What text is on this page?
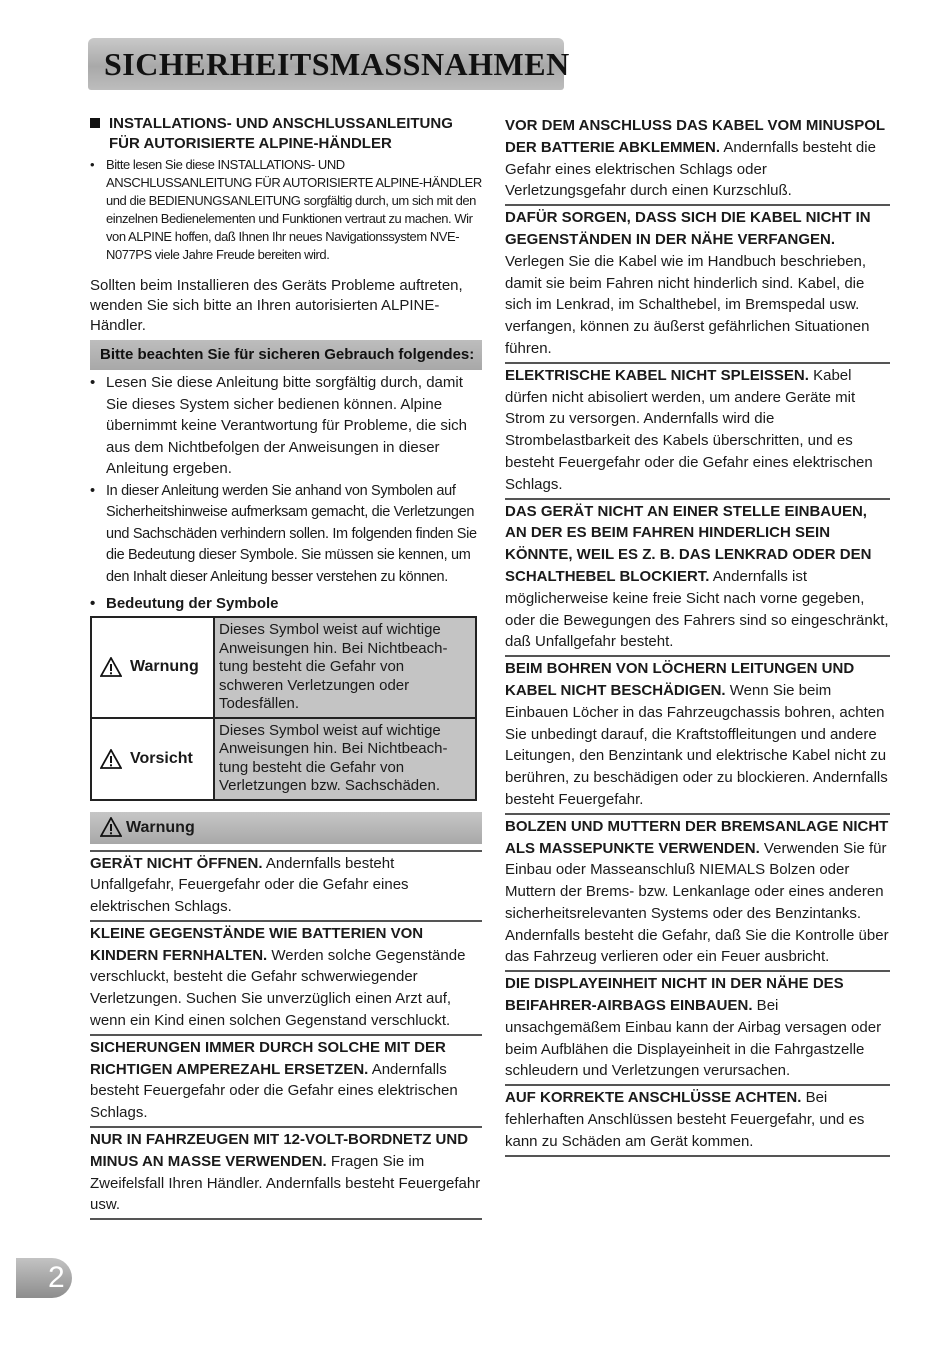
SICHERHEITSMASSNAHMEN
INSTALLATIONS- UND ANSCHLUSSANLEITUNG
FÜR AUTORISIERTE ALPINE-HÄNDLER
• Bitte lesen Sie diese INSTALLATIONS- UND ANSCHLUSSANLEITUNG FÜR AUTORISIERTE ALPINE-HÄNDLER und die BEDIENUNGSANLEITUNG sorgfältig durch, um sich mit den einzelnen Bedienelementen und Funktionen vertraut zu machen. Wir von ALPINE hoffen, daß Ihnen Ihr neues Navigationssystem NVE-N077PS viele Jahre Freude bereiten wird.
Sollten beim Installieren des Geräts Probleme auftreten, wenden Sie sich bitte an Ihren autorisierten ALPINE-Händler.
Bitte beachten Sie für sicheren Gebrauch folgendes:
• Lesen Sie diese Anleitung bitte sorgfältig durch, damit Sie dieses System sicher bedienen können. Alpine übernimmt keine Verantwortung für Probleme, die sich aus dem Nichtbefolgen der Anweisungen in dieser Anleitung ergeben.
• In dieser Anleitung werden Sie anhand von Symbolen auf Sicherheitshinweise aufmerksam gemacht, die Verletzungen und Sachschäden verhindern sollen. Im folgenden finden Sie die Bedeutung dieser Symbole. Sie müssen sie kennen, um den Inhalt dieser Anleitung besser verstehen zu können.
• Bedeutung der Symbole
Warnung	Dieses Symbol weist auf wichtige Anweisungen hin. Bei Nichtbeach-tung besteht die Gefahr von schweren Verletzungen oder Todesfällen.
Vorsicht	Dieses Symbol weist auf wichtige Anweisungen hin. Bei Nichtbeach-tung besteht die Gefahr von Verletzungen bzw. Sachschäden.
Warnung
GERÄT NICHT ÖFFNEN. Andernfalls besteht Unfallgefahr, Feuergefahr oder die Gefahr eines elektrischen Schlags.
KLEINE GEGENSTÄNDE WIE BATTERIEN VON KINDERN FERNHALTEN. Werden solche Gegenstände verschluckt, besteht die Gefahr schwerwiegender Verletzungen. Suchen Sie unverzüglich einen Arzt auf, wenn ein Kind einen solchen Gegenstand verschluckt.
SICHERUNGEN IMMER DURCH SOLCHE MIT DER RICHTIGEN AMPEREZAHL ERSETZEN. Andernfalls besteht Feuergefahr oder die Gefahr eines elektrischen Schlags.
NUR IN FAHRZEUGEN MIT 12-VOLT-BORDNETZ UND MINUS AN MASSE VERWENDEN. Fragen Sie im Zweifelsfall Ihren Händler. Andernfalls besteht Feuergefahr usw.
VOR DEM ANSCHLUSS DAS KABEL VOM MINUSPOL DER BATTERIE ABKLEMMEN. Andernfalls besteht die Gefahr eines elektrischen Schlags oder Verletzungsgefahr durch einen Kurzschluß.
DAFÜR SORGEN, DASS SICH DIE KABEL NICHT IN GEGENSTÄNDEN IN DER NÄHE VERFANGEN. Verlegen Sie die Kabel wie im Handbuch beschrieben, damit sie beim Fahren nicht hinderlich sind. Kabel, die sich im Lenkrad, im Schalthebel, im Bremspedal usw. verfangen, können zu äußerst gefährlichen Situationen führen.
ELEKTRISCHE KABEL NICHT SPLEISSEN. Kabel dürfen nicht abisoliert werden, um andere Geräte mit Strom zu versorgen. Andernfalls wird die Strombelastbarkeit des Kabels überschritten, und es besteht Feuergefahr oder die Gefahr eines elektrischen Schlags.
DAS GERÄT NICHT AN EINER STELLE EINBAUEN, AN DER ES BEIM FAHREN HINDERLICH SEIN KÖNNTE, WEIL ES Z. B. DAS LENKRAD ODER DEN SCHALTHEBEL BLOCKIERT. Andernfalls ist möglicherweise keine freie Sicht nach vorne gegeben, oder die Bewegungen des Fahrers sind so eingeschränkt, daß Unfallgefahr besteht.
BEIM BOHREN VON LÖCHERN LEITUNGEN UND KABEL NICHT BESCHÄDIGEN. Wenn Sie beim Einbauen Löcher in das Fahrzeugchassis bohren, achten Sie unbedingt darauf, die Kraftstoffleitungen und andere Leitungen, den Benzintank und elektrische Kabel nicht zu berühren, zu beschädigen oder zu blockieren. Andernfalls besteht Feuergefahr.
BOLZEN UND MUTTERN DER BREMSANLAGE NICHT ALS MASSEPUNKTE VERWENDEN. Verwenden Sie für Einbau oder Masseanschluß NIEMALS Bolzen oder Muttern der Brems- bzw. Lenkanlage oder eines anderen sicherheitsrelevanten Systems oder des Benzintanks. Andernfalls besteht die Gefahr, daß Sie die Kontrolle über das Fahrzeug verlieren oder ein Feuer ausbricht.
DIE DISPLAYEINHEIT NICHT IN DER NÄHE DES BEIFAHRER-AIRBAGS EINBAUEN. Bei unsachgemäßem Einbau kann der Airbag versagen oder beim Aufblähen die Displayeinheit in die Fahrgastzelle schleudern und Verletzungen verursachen.
AUF KORREKTE ANSCHLÜSSE ACHTEN. Bei fehlerhaften Anschlüssen besteht Feuergefahr, und es kann zu Schäden am Gerät kommen.
2
